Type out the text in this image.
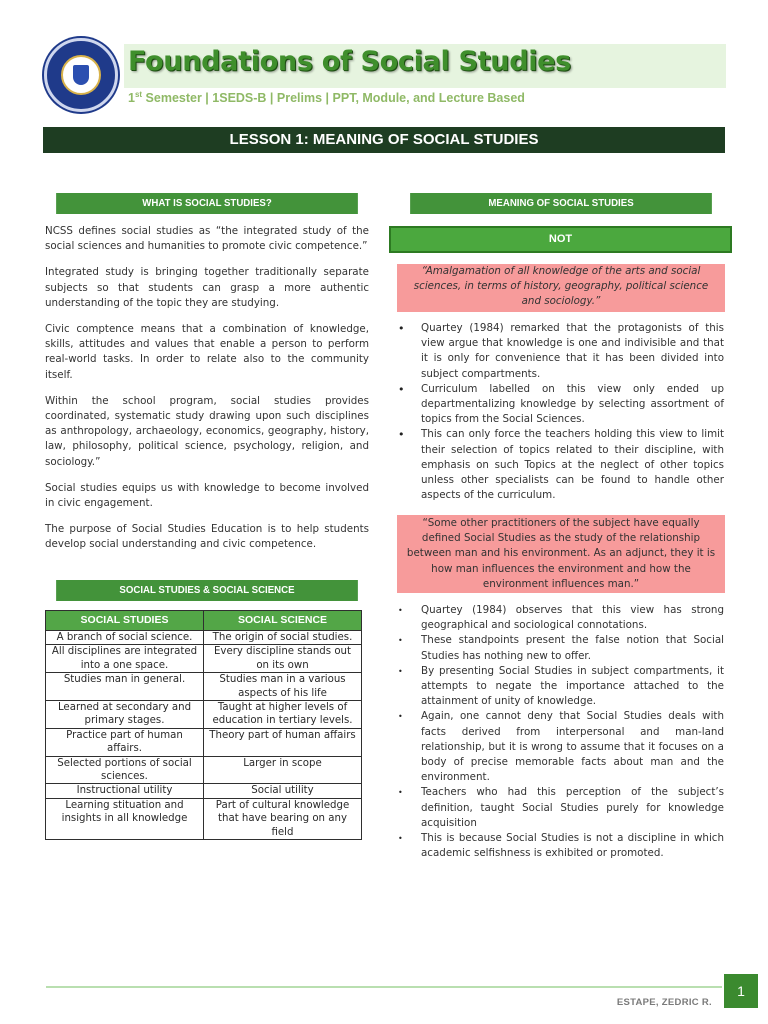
Foundations of Social Studies
1st Semester | 1SEDS-B | Prelims | PPT, Module, and Lecture Based
LESSON 1: MEANING OF SOCIAL STUDIES
WHAT IS SOCIAL STUDIES?

NCSS defines social studies as “the integrated study of the social sciences and humanities to promote civic competence.”

Integrated study is bringing together traditionally separate subjects so that students can grasp a more authentic understanding of the topic they are studying.

Civic comptence means that a combination of knowledge, skills, attitudes and values that enable a person to perform real-world tasks. In order to relate also to the community itself.

Within the school program, social studies provides coordinated, systematic study drawing upon such disciplines as anthropology, archaeology, economics, geography, history, law, philosophy, political science, psychology, religion, and sociology.”

Social studies equips us with knowledge to become involved in civic engagement.

The purpose of Social Studies Education is to help students develop social understanding and civic competence.

SOCIAL STUDIES & SOCIAL SCIENCE
SOCIAL STUDIES	SOCIAL SCIENCE
A branch of social science.	The origin of social studies.
All disciplines are integrated into a one space.	Every discipline stands out on its own
Studies man in general.	Studies man in a various aspects of his life
Learned at secondary and primary stages.	Taught at higher levels of education in tertiary levels.
Practice part of human affairs.	Theory part of human affairs
Selected portions of social sciences.	Larger in scope
Instructional utility	Social utility
Learning stituation and insights in all knowledge	Part of cultural knowledge that have bearing on any field
MEANING OF SOCIAL STUDIES
NOT
“Amalgamation of all knowledge of the arts and social sciences, in terms of history, geography, political science and sociology.”
• Quartey (1984) remarked that the protagonists of this view argue that knowledge is one and indivisible and that it is only for convenience that it has been divided into subject compartments.
• Curriculum labelled on this view only ended up departmentalizing knowledge by selecting assortment of topics from the Social Sciences.
• This can only force the teachers holding this view to limit their selection of topics related to their discipline, with emphasis on such Topics at the neglect of other topics unless other specialists can be found to handle other aspects of the curriculum.
“Some other practitioners of the subject have equally defined Social Studies as the study of the relationship between man and his environment. As an adjunct, they it is how man influences the environment and how the environment influences man.”
• Quartey (1984) observes that this view has strong geographical and sociological connotations.
• These standpoints present the false notion that Social Studies has nothing new to offer.
• By presenting Social Studies in subject compartments, it attempts to negate the importance attached to the attainment of unity of knowledge.
• Again, one cannot deny that Social Studies deals with facts derived from interpersonal and man-land relationship, but it is wrong to assume that it focuses on a body of precise memorable facts about man and the environment.
• Teachers who had this perception of the subject’s definition, taught Social Studies purely for knowledge acquisition
• This is because Social Studies is not a discipline in which academic selfishness is exhibited or promoted.
1
ESTAPE, ZEDRIC R.
